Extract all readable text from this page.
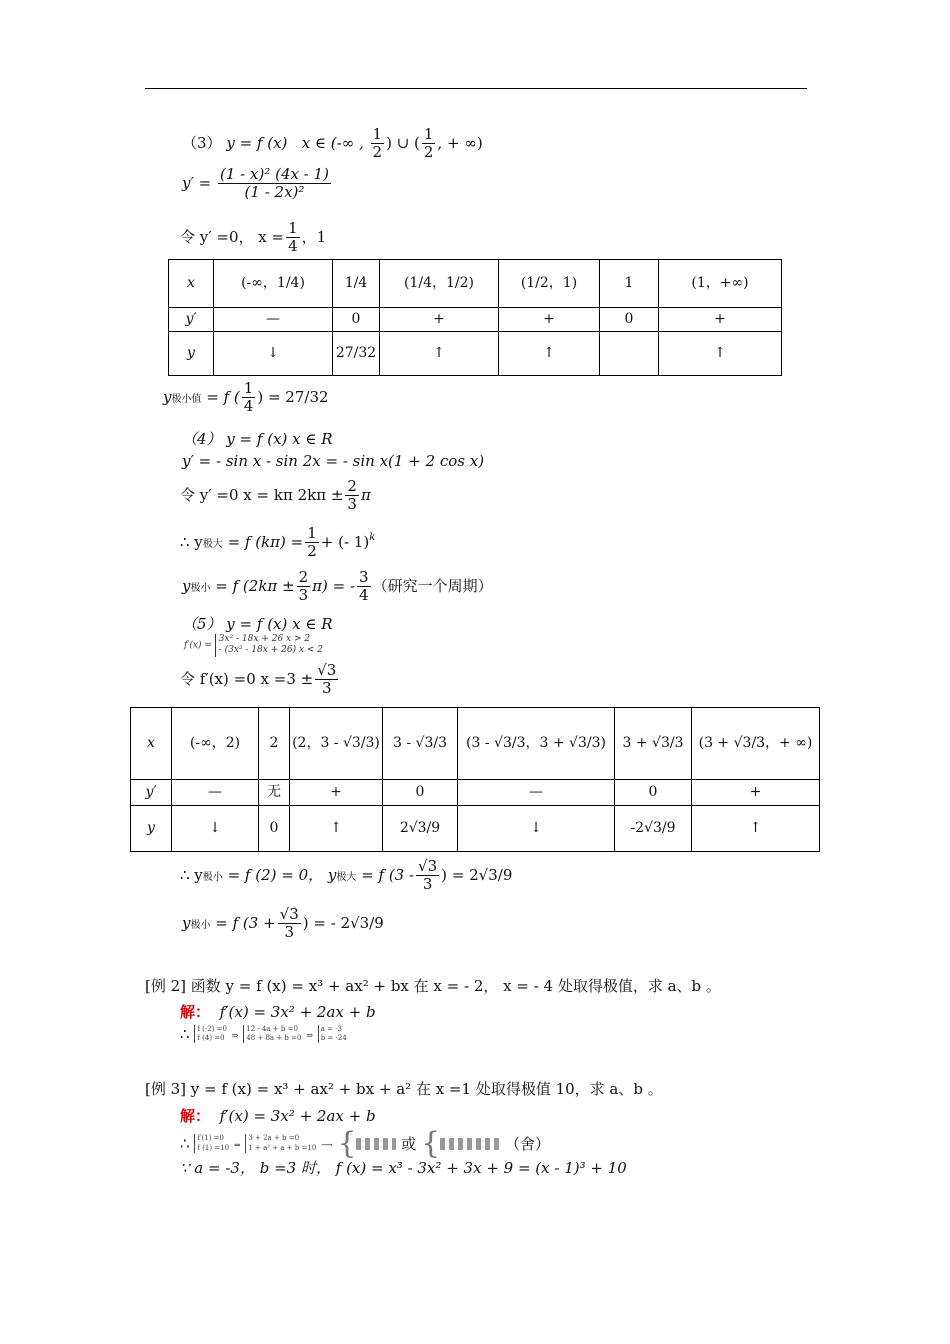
（3） y = f (x) x ∈ (-∞ , $\frac{1}{2}$ ) ∪ ( $\frac{1}{2}$ , + ∞)
$y' = \frac{\text{(1 - x)² (4x - 1)}}{\text{(1 - 2x)²}}$
令 y′ =0， $x = \frac{1}{4}$ ，1
x	(-∞，1/4)	1/4	(1/4，1/2)	(1/2，1)	1	(1，+∞)
y′	—	0	+	+	0	+
y	↓	27/32	↑	↑		↑
y极小值 = f ( $\frac{1}{4}$ ) = 27/32
（4） y = f (x) x ∈ R
y′ = - sin x - sin 2x = - sin x(1 + 2 cos x)
令 y′ =0 x = kπ $2k\pi \pm \frac{2}{3}$ π
∴ y极大 = f $(k\pi) = \frac{1}{2}$ + (- 1)$^k$
y极小 = f $(2k\pi \pm \frac{2}{3} \pi)$ = - $\frac{3}{4}$ （研究一个周期）
（5） y = f (x) x ∈ R
f′(x) =
3x² - 18x + 26 x > 2
- (3x² - 18x + 26) x < 2
令 f′(x) =0 $x =3 \pm \frac{√3}{3}$
x	(-∞，2)	2	(2，3 - √3/3)	3 - √3/3	(3 - √3/3，3 + √3/3)	3 + √3/3	(3 + √3/3，+ ∞)
y′	—	无	+	0	—	0	+
y	↓	0	↑	2√3/9	↓	-2√3/9	↑
∴ y极小 = f (2) = 0， y极大 = f ($3 - \frac{√3}{3}$ ) = 2√3/9
y极小 = f ($3 + \frac{√3}{3}$ ) = - 2√3/9
[例 2] 函数 y = f (x) = x³ + ax² + bx 在 x = - 2， x = - 4 处取得极值，求 a、b 。
解： f′(x) = 3x² + 2ax + b
∴ f (-2) =0
f (4) =0 ⇒
12 - 4a + b =0
48 + 8a + b =0 ⇒
a = -3
b = -24
[例 3] y = f (x) = x³ + ax² + bx + a² 在 x =1 处取得极值 10，求 a、b 。
解： f′(x) = 3x² + 2ax + b
∴ f′(1) =0
f (1) =10 ⇒
3 + 2a + b =0
1 + a² + a + b =10 ⟶ {	或 {	（舍）
∵ a = -3， b =3 时， f (x) = x³ - 3x² + 3x + 9 = (x - 1)³ + 10
